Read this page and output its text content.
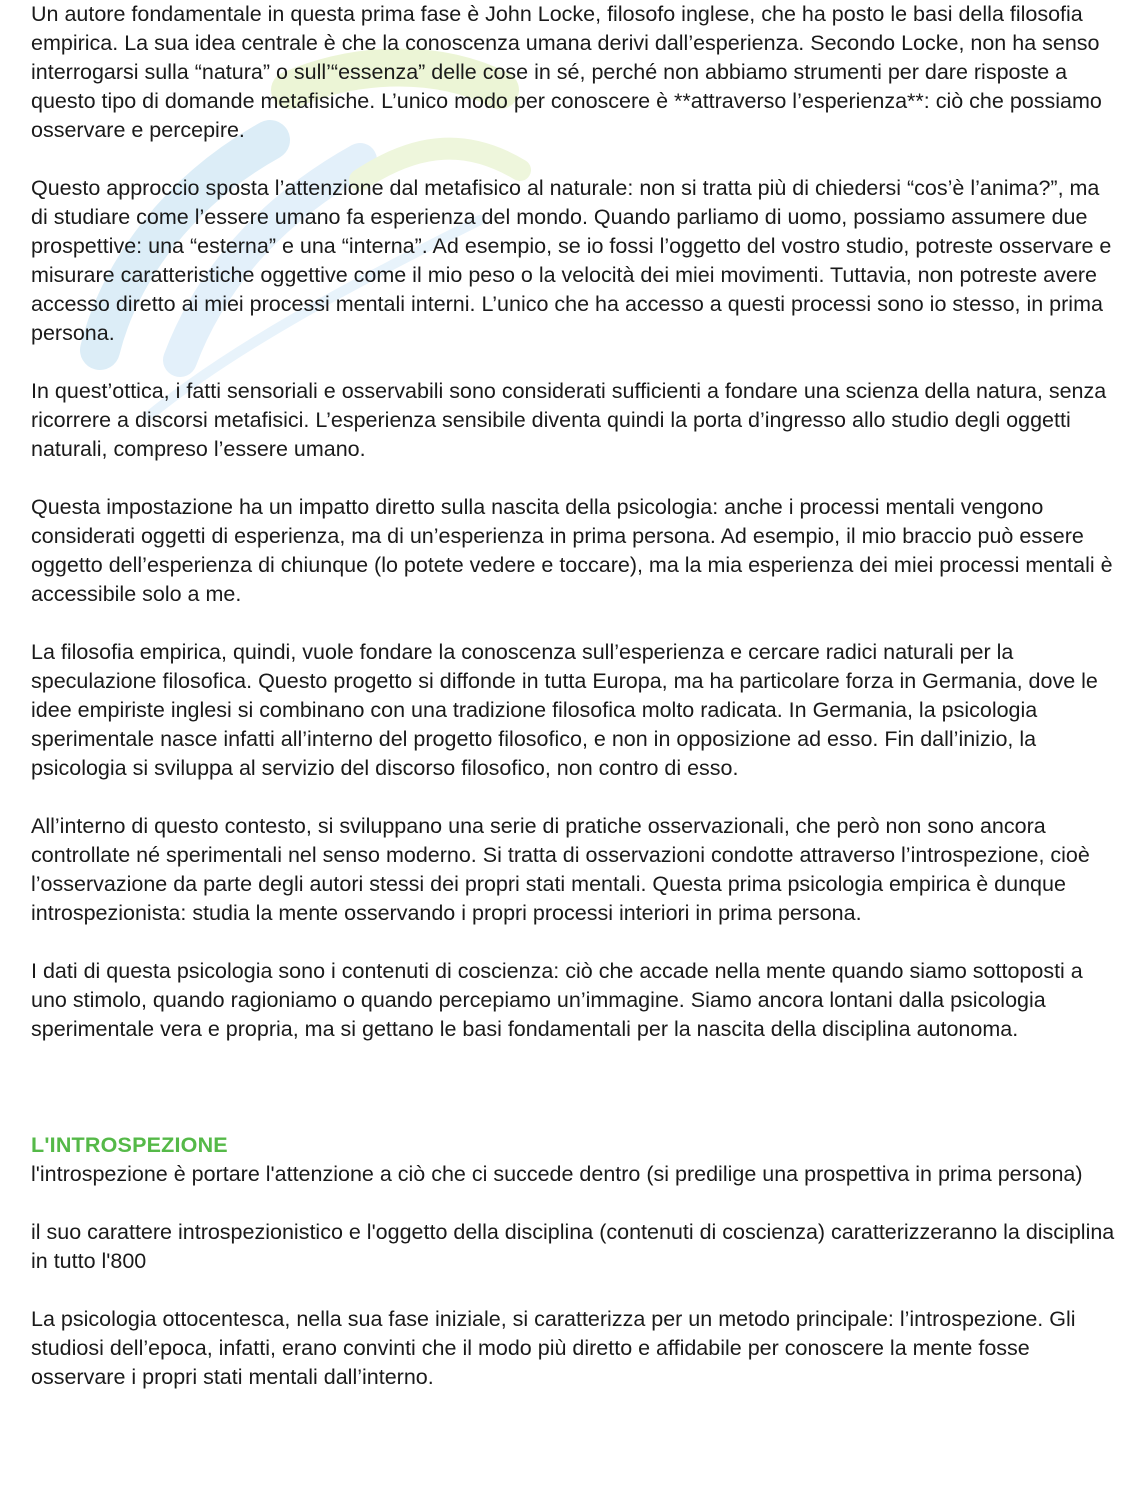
Un autore fondamentale in questa prima fase è John Locke, filosofo inglese, che ha posto le basi della filosofia empirica. La sua idea centrale è che la conoscenza umana derivi dall’esperienza. Secondo Locke, non ha senso interrogarsi sulla “natura” o sull’“essenza” delle cose in sé, perché non abbiamo strumenti per dare risposte a questo tipo di domande metafisiche. L’unico modo per conoscere è **attraverso l’esperienza**: ciò che possiamo osservare e percepire.

Questo approccio sposta l’attenzione dal metafisico al naturale: non si tratta più di chiedersi “cos’è l’anima?”, ma di studiare come l’essere umano fa esperienza del mondo. Quando parliamo di uomo, possiamo assumere due prospettive: una “esterna” e una “interna”. Ad esempio, se io fossi l’oggetto del vostro studio, potreste osservare e misurare caratteristiche oggettive come il mio peso o la velocità dei miei movimenti. Tuttavia, non potreste avere accesso diretto ai miei processi mentali interni. L’unico che ha accesso a questi processi sono io stesso, in prima persona.

In quest’ottica, i fatti sensoriali e osservabili sono considerati sufficienti a fondare una scienza della natura, senza ricorrere a discorsi metafisici. L’esperienza sensibile diventa quindi la porta d’ingresso allo studio degli oggetti naturali, compreso l’essere umano.

Questa impostazione ha un impatto diretto sulla nascita della psicologia: anche i processi mentali vengono considerati oggetti di esperienza, ma di un’esperienza in prima persona. Ad esempio, il mio braccio può essere oggetto dell’esperienza di chiunque (lo potete vedere e toccare), ma la mia esperienza dei miei processi mentali è accessibile solo a me.

La filosofia empirica, quindi, vuole fondare la conoscenza sull’esperienza e cercare radici naturali per la speculazione filosofica. Questo progetto si diffonde in tutta Europa, ma ha particolare forza in Germania, dove le idee empiriste inglesi si combinano con una tradizione filosofica molto radicata. In Germania, la psicologia sperimentale nasce infatti all’interno del progetto filosofico, e non in opposizione ad esso. Fin dall’inizio, la psicologia si sviluppa al servizio del discorso filosofico, non contro di esso.

All’interno di questo contesto, si sviluppano una serie di pratiche osservazionali, che però non sono ancora controllate né sperimentali nel senso moderno. Si tratta di osservazioni condotte attraverso l’introspezione, cioè l’osservazione da parte degli autori stessi dei propri stati mentali. Questa prima psicologia empirica è dunque introspezionista: studia la mente osservando i propri processi interiori in prima persona.

I dati di questa psicologia sono i contenuti di coscienza: ciò che accade nella mente quando siamo sottoposti a uno stimolo, quando ragioniamo o quando percepiamo un’immagine. Siamo ancora lontani dalla psicologia sperimentale vera e propria, ma si gettano le basi fondamentali per la nascita della disciplina autonoma.

L'INTROSPEZIONE

l'introspezione è portare l'attenzione a ciò che ci succede dentro (si predilige una prospettiva in prima persona)

il suo carattere introspezionistico e l'oggetto della disciplina (contenuti di coscienza) caratterizzeranno la disciplina in tutto l'800

La psicologia ottocentesca, nella sua fase iniziale, si caratterizza per un metodo principale: l’introspezione. Gli studiosi dell’epoca, infatti, erano convinti che il modo più diretto e affidabile per conoscere la mente fosse osservare i propri stati mentali dall’interno.
